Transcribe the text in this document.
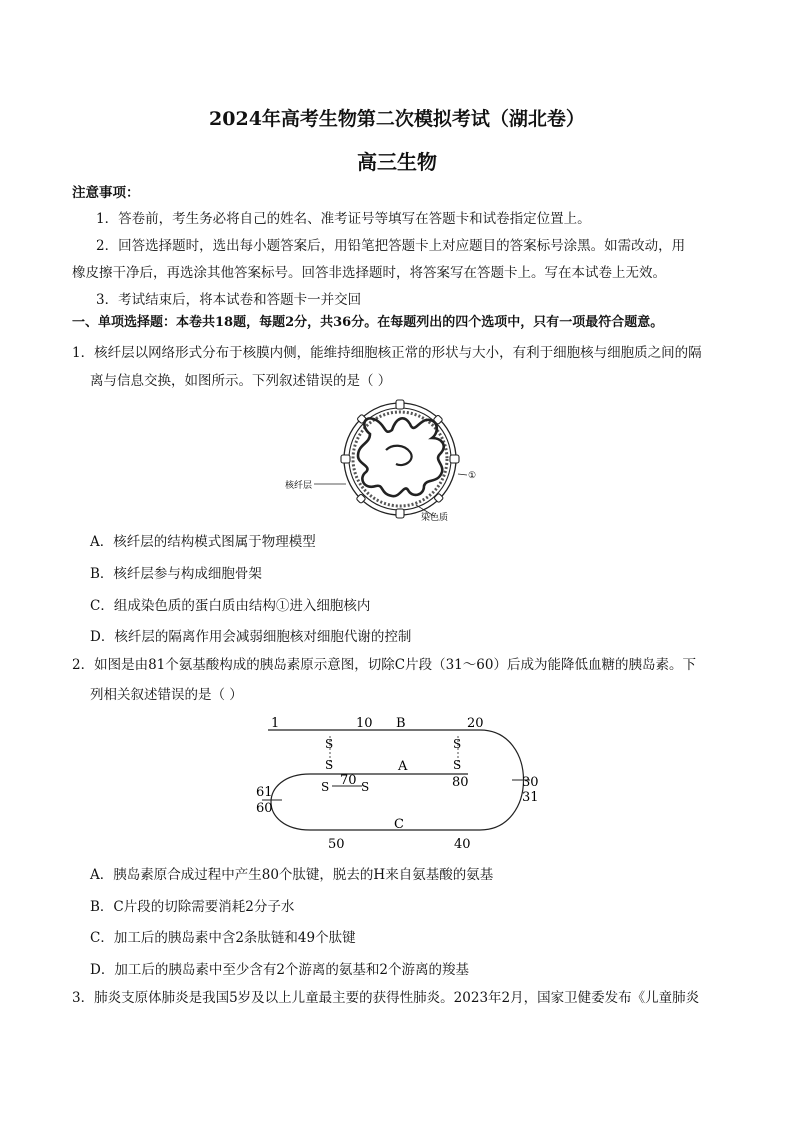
2024年高考生物第二次模拟考试（湖北卷）
高三生物
注意事项：
1．答卷前，考生务必将自己的姓名、准考证号等填写在答题卡和试卷指定位置上。
2．回答选择题时，选出每小题答案后，用铅笔把答题卡上对应题目的答案标号涂黑。如需改动，用
橡皮擦干净后，再选涂其他答案标号。回答非选择题时，将答案写在答题卡上。写在本试卷上无效。
3．考试结束后，将本试卷和答题卡一并交回
一、单项选择题：本卷共18题，每题2分，共36分。在每题列出的四个选项中，只有一项最符合题意。
1．核纤层以网络形式分布于核膜内侧，能维持细胞核正常的形状与大小，有利于细胞核与细胞质之间的隔
离与信息交换，如图所示。下列叙述错误的是（ ）
核纤层
①
染色质
A．核纤层的结构模式图属于物理模型
B．核纤层参与构成细胞骨架
C．组成染色质的蛋白质由结构①进入细胞核内
D．核纤层的隔离作用会减弱细胞核对细胞代谢的控制
2．如图是由81个氨基酸构成的胰岛素原示意图，切除C片段（31～60）后成为能降低血糖的胰岛素。下
列相关叙述错误的是（ ）
S
S
S
S
S	S
1	10 B	20
A
70	80
61
60
30
31
C
50	40
A．胰岛素原合成过程中产生80个肽键，脱去的H来自氨基酸的氨基
B．C片段的切除需要消耗2分子水
C．加工后的胰岛素中含2条肽链和49个肽键
D．加工后的胰岛素中至少含有2个游离的氨基和2个游离的羧基
3．肺炎支原体肺炎是我国5岁及以上儿童最主要的获得性肺炎。2023年2月，国家卫健委发布《儿童肺炎
